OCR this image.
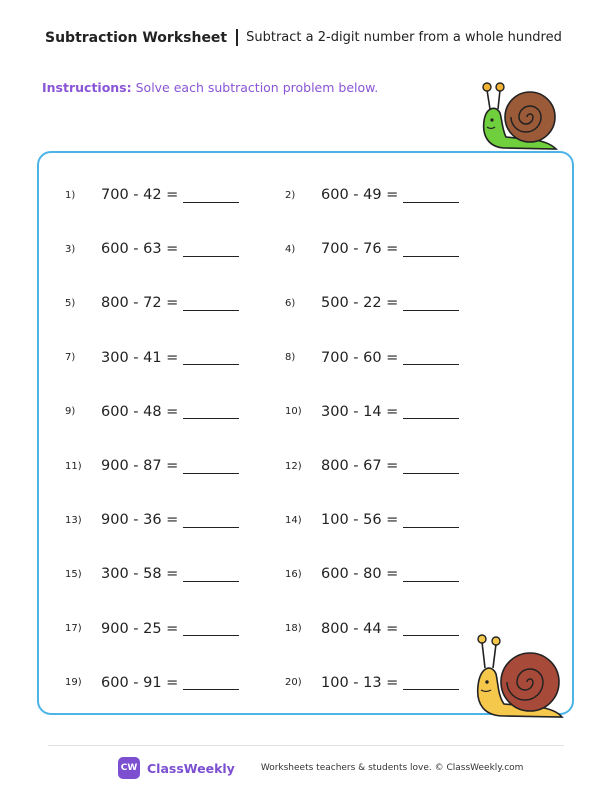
Subtraction Worksheet Subtract a 2-digit number from a whole hundred
Instructions: Solve each subtraction problem below.
1)	700 - 42 =	2)	600 - 49 =
3)	600 - 63 =	4)	700 - 76 =
5)	800 - 72 =	6)	500 - 22 =
7)	300 - 41 =	8)	700 - 60 =
9)	600 - 48 =	10)	300 - 14 =
11)	900 - 87 =	12)	800 - 67 =
13)	900 - 36 =	14)	100 - 56 =
15)	300 - 58 =	16)	600 - 80 =
17)	900 - 25 =	18)	800 - 44 =
19)	600 - 91 =	20)	100 - 13 =
CW ClassWeekly	Worksheets teachers & students love. © ClassWeekly.com
